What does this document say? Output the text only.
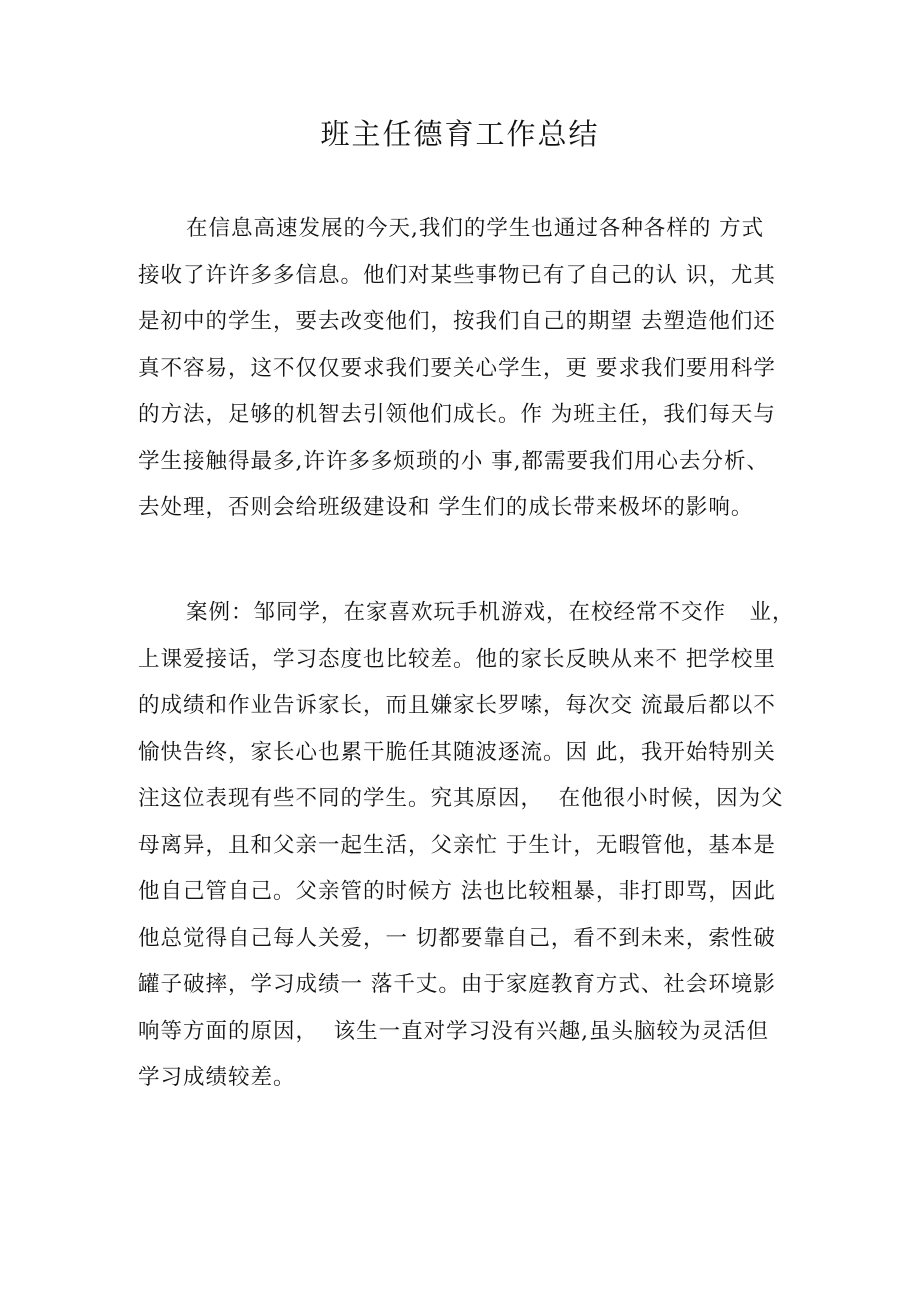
班主任德育工作总结
在信息高速发展的今天,我们的学生也通过各种各样的 方式
接收了许许多多信息。他们对某些事物已有了自己的认 识，尤其
是初中的学生，要去改变他们，按我们自己的期望 去塑造他们还
真不容易，这不仅仅要求我们要关心学生，更 要求我们要用科学
的方法，足够的机智去引领他们成长。作 为班主任，我们每天与
学生接触得最多,许许多多烦琐的小 事,都需要我们用心去分析、
去处理，否则会给班级建设和 学生们的成长带来极坏的影响。
案例：邹同学，在家喜欢玩手机游戏，在校经常不交作   业，
上课爱接话，学习态度也比较差。他的家长反映从来不 把学校里
的成绩和作业告诉家长，而且嫌家长罗嗦，每次交 流最后都以不
愉快告终，家长心也累干脆任其随波逐流。因 此，我开始特别关
注这位表现有些不同的学生。究其原因，  在他很小时候，因为父
母离异，且和父亲一起生活，父亲忙 于生计，无暇管他，基本是
他自己管自己。父亲管的时候方 法也比较粗暴，非打即骂，因此
他总觉得自己每人关爱，一 切都要靠自己，看不到未来，索性破
罐子破摔，学习成绩一 落千丈。由于家庭教育方式、社会环境影
响等方面的原因，  该生一直对学习没有兴趣,虽头脑较为灵活但
学习成绩较差。
